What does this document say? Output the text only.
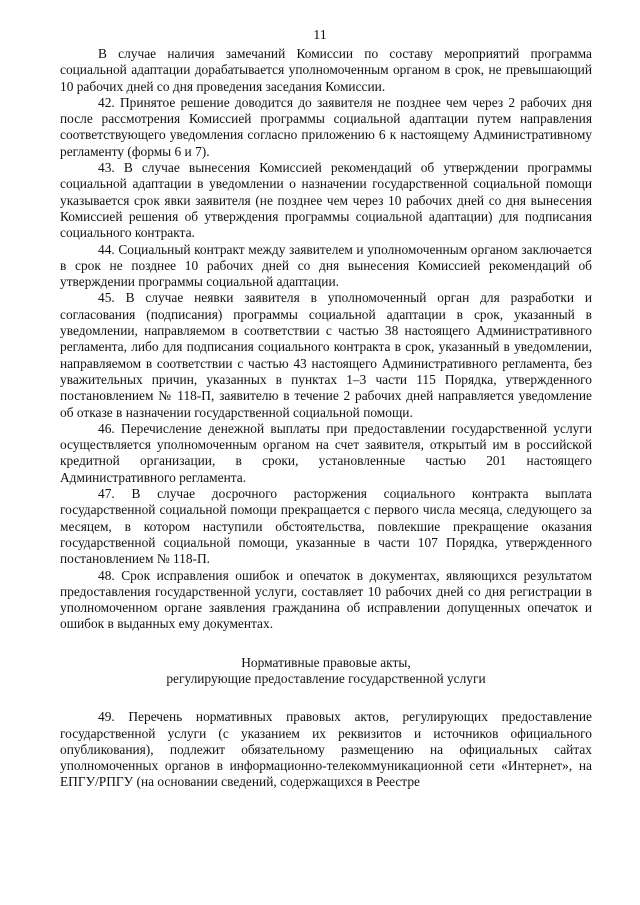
11

В случае наличия замечаний Комиссии по составу мероприятий программа социальной адаптации дорабатывается уполномоченным органом в срок, не превышающий 10 рабочих дней со дня проведения заседания Комиссии.

42. Принятое решение доводится до заявителя не позднее чем через 2 рабочих дня после рассмотрения Комиссией программы социальной адаптации путем направления соответствующего уведомления согласно приложению 6 к настоящему Административному регламенту (формы 6 и 7).

43. В случае вынесения Комиссией рекомендаций об утверждении программы социальной адаптации в уведомлении о назначении государственной социальной помощи указывается срок явки заявителя (не позднее чем через 10 рабочих дней со дня вынесения Комиссией решения об утверждения программы социальной адаптации) для подписания социального контракта.

44. Социальный контракт между заявителем и уполномоченным органом заключается в срок не позднее 10 рабочих дней со дня вынесения Комиссией рекомендаций об утверждении программы социальной адаптации.

45. В случае неявки заявителя в уполномоченный орган для разработки и согласования (подписания) программы социальной адаптации в срок, указанный в уведомлении, направляемом в соответствии с частью 38 настоящего Административного регламента, либо для подписания социального контракта в срок, указанный в уведомлении, направляемом в соответствии с частью 43 настоящего Административного регламента, без уважительных причин, указанных в пунктах 1–3 части 115 Порядка, утвержденного постановлением № 118-П, заявителю в течение 2 рабочих дней направляется уведомление об отказе в назначении государственной социальной помощи.

46. Перечисление денежной выплаты при предоставлении государственной услуги осуществляется уполномоченным органом на счет заявителя, открытый им в российской кредитной организации, в сроки, установленные частью 201 настоящего Административного регламента.

47. В случае досрочного расторжения социального контракта выплата государственной социальной помощи прекращается с первого числа месяца, следующего за месяцем, в котором наступили обстоятельства, повлекшие прекращение оказания государственной социальной помощи, указанные в части 107 Порядка, утвержденного постановлением № 118-П.

48. Срок исправления ошибок и опечаток в документах, являющихся результатом предоставления государственной услуги, составляет 10 рабочих дней со дня регистрации в уполномоченном органе заявления гражданина об исправлении допущенных опечаток и ошибок в выданных ему документах.

Нормативные правовые акты,
регулирующие предоставление государственной услуги

49. Перечень нормативных правовых актов, регулирующих предоставление государственной услуги (с указанием их реквизитов и источников официального опубликования), подлежит обязательному размещению на официальных сайтах уполномоченных органов в информационно-телекоммуникационной сети «Интернет», на ЕПГУ/РПГУ (на основании сведений, содержащихся в Реестре
